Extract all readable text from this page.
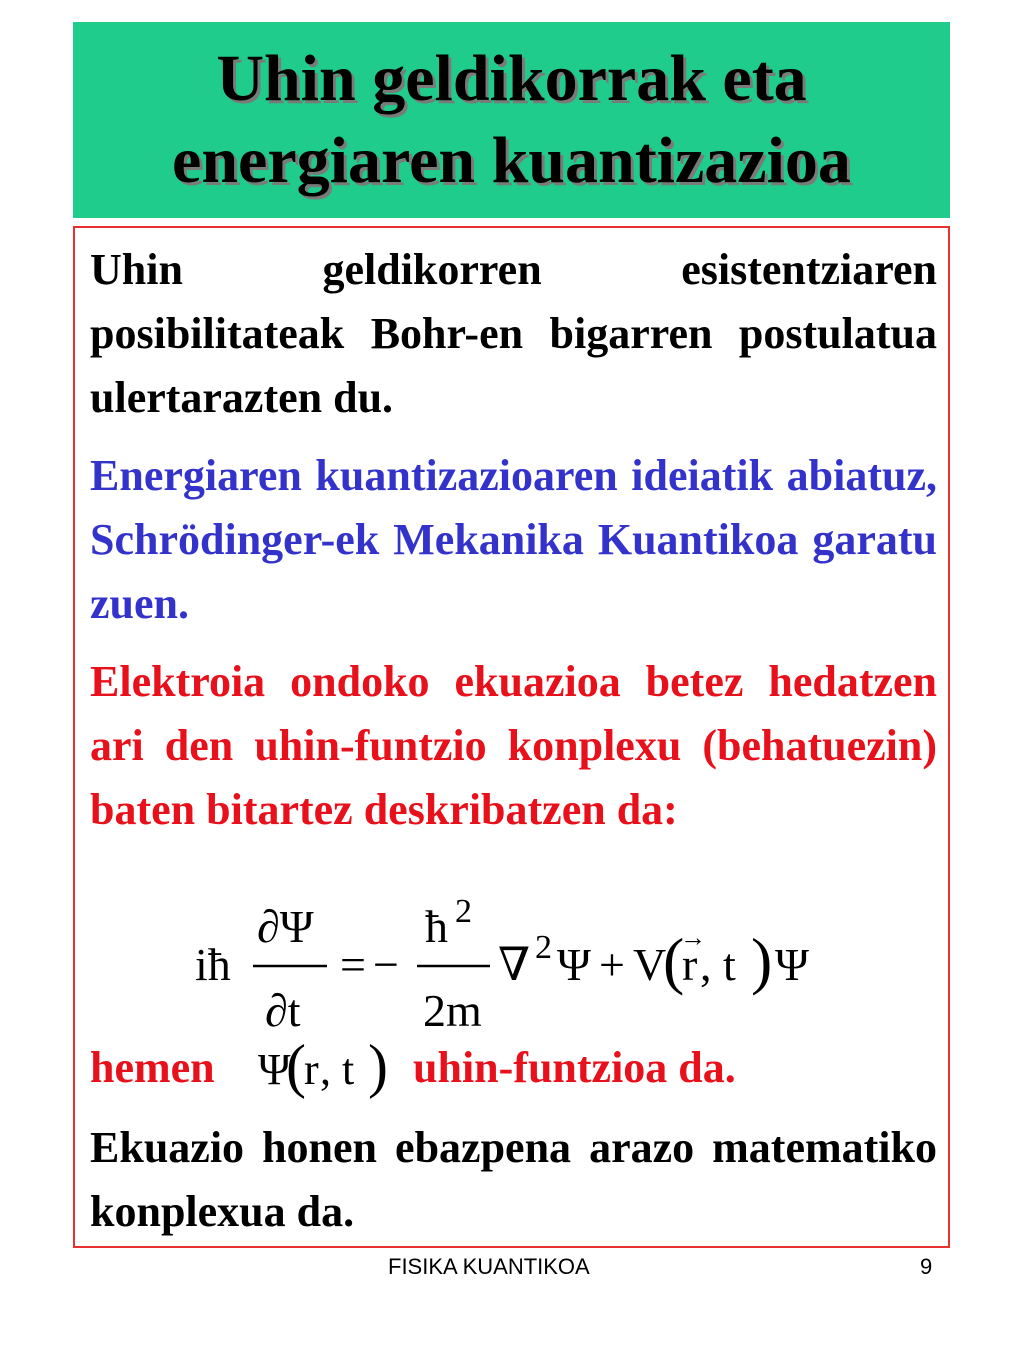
Uhin geldikorrak eta
energiaren kuantizazioa
Uhin geldikorren esistentziaren posibilitateak Bohr-en bigarren postulatua ulertarazten du.
Energiaren kuantizazioaren ideiatik abiatuz, Schrödinger-ek Mekanika Kuantikoa garatu zuen.
Elektroia ondoko ekuazioa betez hedatzen ari den uhin-funtzio konplexu (behatuezin) baten bitartez deskribatzen da:
iħ
∂Ψ
∂t
= −
ħ 2
2m
∇ 2 Ψ + V
(
r
→
, t ) Ψ
hemen Ψ
(
r , t ) uhin-funtzioa da.
Ekuazio honen ebazpena arazo matematiko konplexua da.
FISIKA KUANTIKOA	9
